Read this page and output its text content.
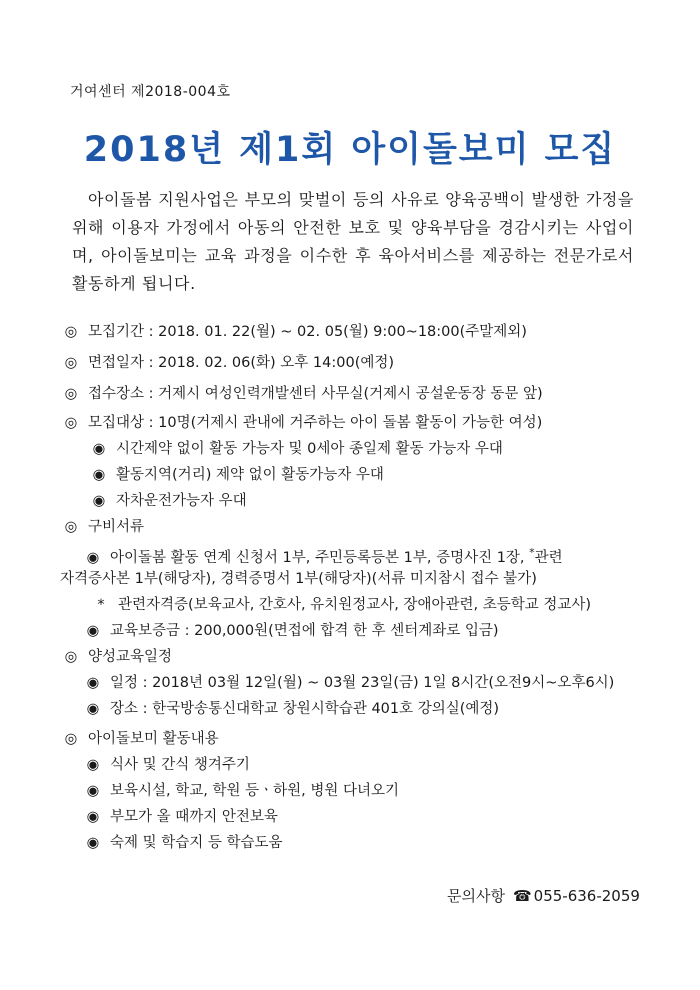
거여센터 제2018-004호
2018년 제1회 아이돌보미 모집
아이돌봄 지원사업은 부모의 맞벌이 등의 사유로 양육공백이 발생한 가정을 위해 이용자 가정에서 아동의 안전한 보호 및 양육부담을 경감시키는 사업이며, 아이돌보미는 교육 과정을 이수한 후 육아서비스를 제공하는 전문가로서 활동하게 됩니다.
◎ 모집기간 : 2018. 01. 22(월) ~ 02. 05(월) 9:00~18:00(주말제외)
◎ 면접일자 : 2018. 02. 06(화) 오후 14:00(예정)
◎ 접수장소 : 거제시 여성인력개발센터 사무실(거제시 공설운동장 동문 앞)
◎ 모집대상 : 10명(거제시 관내에 거주하는 아이 돌봄 활동이 가능한 여성)
◉ 시간제약 없이 활동 가능자 및 0세아 종일제 활동 가능자 우대
◉ 활동지역(거리) 제약 없이 활동가능자 우대
◉ 자차운전가능자 우대
◎ 구비서류
◉ 아이돌봄 활동 연계 신청서 1부, 주민등록등본 1부, 증명사진 1장, *관련
자격증사본 1부(해당자), 경력증명서 1부(해당자)(서류 미지참시 접수 불가)
* 관련자격증(보육교사, 간호사, 유치원정교사, 장애아관련, 초등학교 정교사)
◉ 교육보증금 : 200,000원(면접에 합격 한 후 센터계좌로 입금)
◎ 양성교육일정
◉ 일정 : 2018년 03월 12일(월) ~ 03월 23일(금) 1일 8시간(오전9시~오후6시)
◉ 장소 : 한국방송통신대학교 창원시학습관 401호 강의실(예정)
◎ 아이돌보미 활동내용
◉ 식사 및 간식 챙겨주기
◉ 보육시설, 학교, 학원 등ㆍ하원, 병원 다녀오기
◉ 부모가 올 때까지 안전보육
◉ 숙제 및 학습지 등 학습도움
문의사항 ☎ 055-636-2059
